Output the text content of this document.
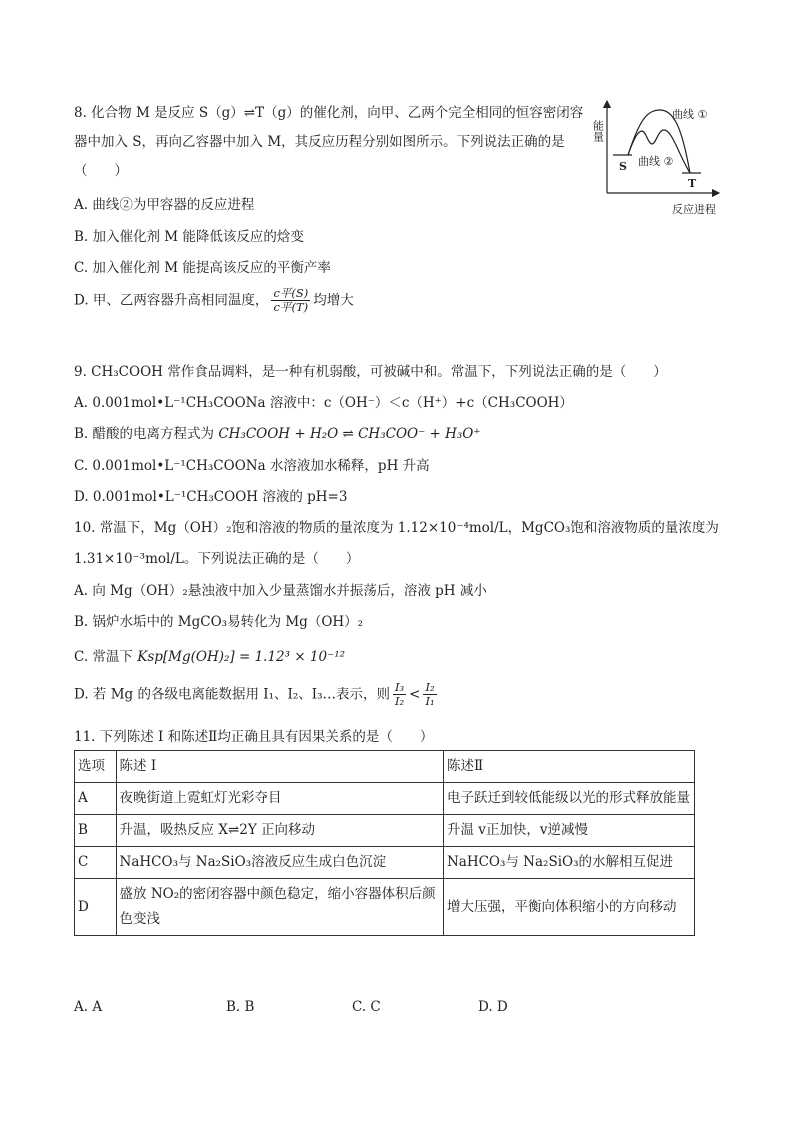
8. 化合物 M 是反应 S（g）⇌T（g）的催化剂，向甲、乙两个完全相同的恒容密闭容器中加入 S，再向乙容器中加入 M，其反应历程分别如图所示。下列说法正确的是（　　）
A. 曲线②为甲容器的反应进程
B. 加入催化剂 M 能降低该反应的焓变
C. 加入催化剂 M 能提高该反应的平衡产率
D. 甲、乙两容器升高相同温度， $\frac{\text{c平(S)}}{\text{c平(T)}}$ 均增大
能量
曲线 ①
曲线 ②
S
T
反应进程
9. CH₃COOH 常作食品调料，是一种有机弱酸，可被碱中和。常温下，下列说法正确的是（　　）
A. 0.001mol•L⁻¹CH₃COONa 溶液中：c（OH⁻）＜c（H⁺）+c（CH₃COOH）
B. 醋酸的电离方程式为 CH₃COOH + H₂O ⇌ CH₃COO⁻ + H₃O⁺
C. 0.001mol•L⁻¹CH₃COONa 水溶液加水稀释，pH 升高
D. 0.001mol•L⁻¹CH₃COOH 溶液的 pH=3
10. 常温下，Mg（OH）₂饱和溶液的物质的量浓度为 1.12×10⁻⁴mol/L，MgCO₃饱和溶液物质的量浓度为
1.31×10⁻³mol/L。下列说法正确的是（　　）
A. 向 Mg（OH）₂悬浊液中加入少量蒸馏水并振荡后，溶液 pH 减小
B. 锅炉水垢中的 MgCO₃易转化为 Mg（OH）₂
C. 常温下 Ksp[Mg(OH)₂] = 1.12³ × 10⁻¹²
D. 若 Mg 的各级电离能数据用 I₁、I₂、I₃…表示，则 $\frac{\text{I₃}}{\text{I₂}} < \frac{\text{I₂}}{\text{I₁}}$
11. 下列陈述 I 和陈述Ⅱ均正确且具有因果关系的是（　　）
选项	陈述 I	陈述Ⅱ
A	夜晚街道上霓虹灯光彩夺目	电子跃迁到较低能级以光的形式释放能量
B	升温，吸热反应 X⇌2Y 正向移动	升温 v正加快，v逆减慢
C	NaHCO₃与 Na₂SiO₃溶液反应生成白色沉淀	NaHCO₃与 Na₂SiO₃的水解相互促进
D	盛放 NO₂的密闭容器中颜色稳定，缩小容器体积后颜色变浅	增大压强，平衡向体积缩小的方向移动
A. A	B. B	C. C	D. D
